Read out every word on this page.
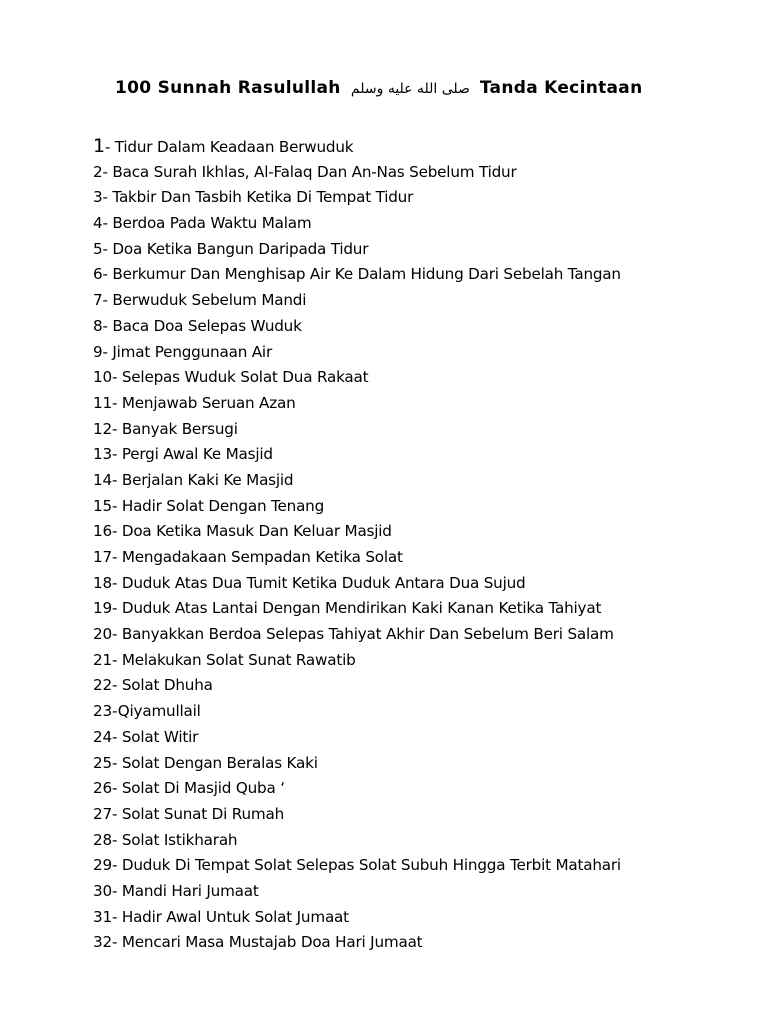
100 Sunnah Rasulullah صلى الله عليه وسلم Tanda Kecintaan
1- Tidur Dalam Keadaan Berwuduk
2- Baca Surah Ikhlas, Al-Falaq Dan An-Nas Sebelum Tidur
3- Takbir Dan Tasbih Ketika Di Tempat Tidur
4- Berdoa Pada Waktu Malam
5- Doa Ketika Bangun Daripada Tidur
6- Berkumur Dan Menghisap Air Ke Dalam Hidung Dari Sebelah Tangan
7- Berwuduk Sebelum Mandi
8- Baca Doa Selepas Wuduk
9- Jimat Penggunaan Air
10- Selepas Wuduk Solat Dua Rakaat
11- Menjawab Seruan Azan
12- Banyak Bersugi
13- Pergi Awal Ke Masjid
14- Berjalan Kaki Ke Masjid
15- Hadir Solat Dengan Tenang
16- Doa Ketika Masuk Dan Keluar Masjid
17- Mengadakaan Sempadan Ketika Solat
18- Duduk Atas Dua Tumit Ketika Duduk Antara Dua Sujud
19- Duduk Atas Lantai Dengan Mendirikan Kaki Kanan Ketika Tahiyat
20- Banyakkan Berdoa Selepas Tahiyat Akhir Dan Sebelum Beri Salam
21- Melakukan Solat Sunat Rawatib
22- Solat Dhuha
23-Qiyamullail
24- Solat Witir
25- Solat Dengan Beralas Kaki
26- Solat Di Masjid Quba ‘
27- Solat Sunat Di Rumah
28- Solat Istikharah
29- Duduk Di Tempat Solat Selepas Solat Subuh Hingga Terbit Matahari
30- Mandi Hari Jumaat
31- Hadir Awal Untuk Solat Jumaat
32- Mencari Masa Mustajab Doa Hari Jumaat
